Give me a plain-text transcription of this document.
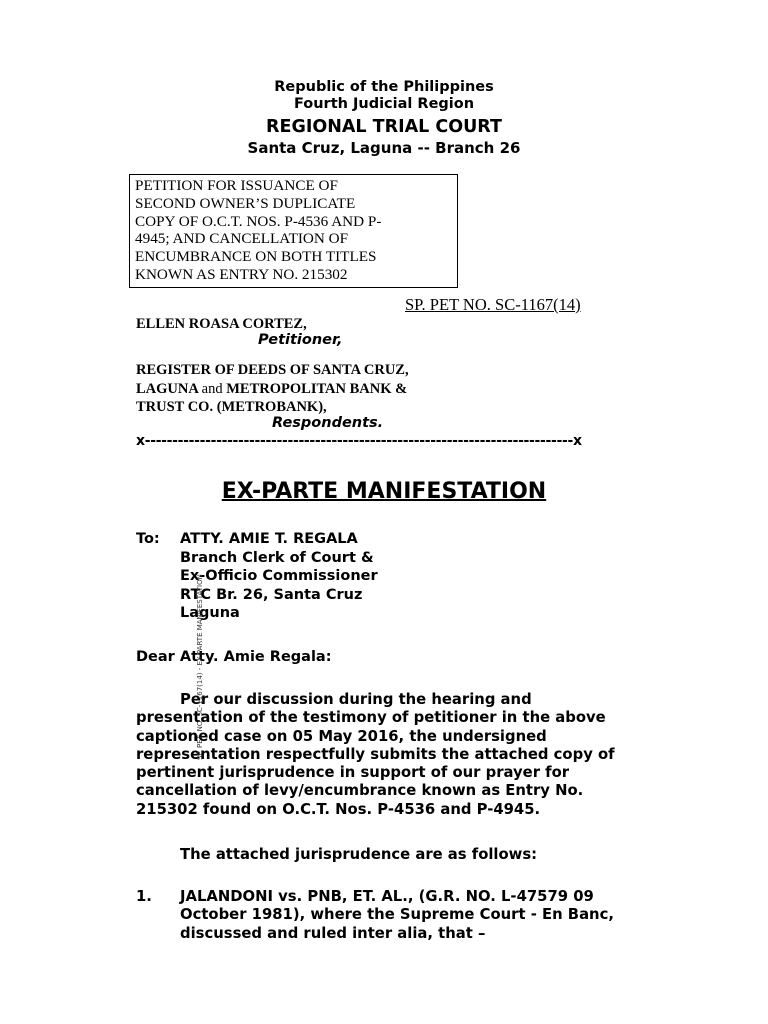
Republic of the Philippines
Fourth Judicial Region
REGIONAL TRIAL COURT
Santa Cruz, Laguna -- Branch 26
PETITION FOR ISSUANCE OF
SECOND OWNER’S DUPLICATE
COPY OF O.C.T. NOS. P-4536 AND P-
4945; AND CANCELLATION OF
ENCUMBRANCE ON BOTH TITLES
KNOWN AS ENTRY NO. 215302
SP. PET NO. SC-1167(14)
ELLEN ROASA CORTEZ,
Petitioner,
REGISTER OF DEEDS OF SANTA CRUZ,
LAGUNA and METROPOLITAN BANK &
TRUST CO. (METROBANK),
Respondents.
x------------------------------------------------------------------------------x
EX-PARTE MANIFESTATION
To: ATTY. AMIE T. REGALA
Branch Clerk of Court &
Ex-Officio Commissioner
RTC Br. 26, Santa Cruz
Laguna
Dear Atty. Amie Regala:
Per our discussion during the hearing and
presentation of the testimony of petitioner in the above
captioned case on 05 May 2016, the undersigned
representation respectfully submits the attached copy of
pertinent jurisprudence in support of our prayer for
cancellation of levy/encumbrance known as Entry No.
215302 found on O.C.T. Nos. P-4536 and P-4945.
The attached jurisprudence are as follows:
1. JALANDONI vs. PNB, ET. AL., (G.R. NO. L-47579 09
October 1981), where the Supreme Court - En Banc,
discussed and ruled inter alia, that –
SP. PET. NO. SC-1167(14) - EX-PARTE MANIFESTATION
